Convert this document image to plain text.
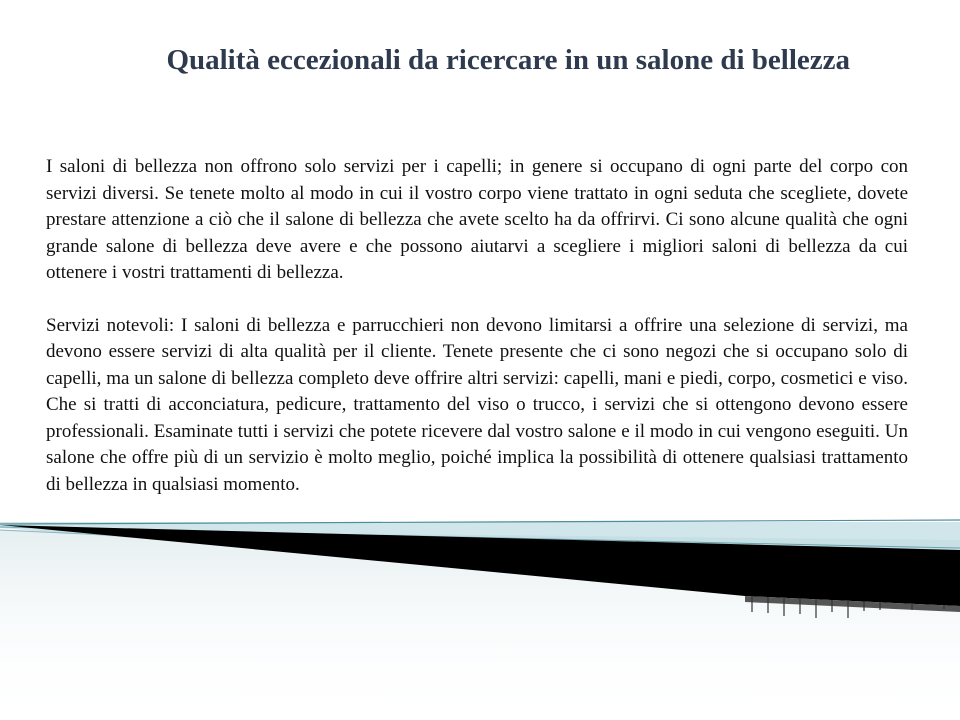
Qualità eccezionali da ricercare in un salone di bellezza

I saloni di bellezza non offrono solo servizi per i capelli; in genere si occupano di ogni parte del corpo con servizi diversi. Se tenete molto al modo in cui il vostro corpo viene trattato in ogni seduta che scegliete, dovete prestare attenzione a ciò che il salone di bellezza che avete scelto ha da offrirvi. Ci sono alcune qualità che ogni grande salone di bellezza deve avere e che possono aiutarvi a scegliere i migliori saloni di bellezza da cui ottenere i vostri trattamenti di bellezza.

Servizi notevoli: I saloni di bellezza e parrucchieri non devono limitarsi a offrire una selezione di servizi, ma devono essere servizi di alta qualità per il cliente. Tenete presente che ci sono negozi che si occupano solo di capelli, ma un salone di bellezza completo deve offrire altri servizi: capelli, mani e piedi, corpo, cosmetici e viso. Che si tratti di acconciatura, pedicure, trattamento del viso o trucco, i servizi che si ottengono devono essere professionali. Esaminate tutti i servizi che potete ricevere dal vostro salone e il modo in cui vengono eseguiti. Un salone che offre più di un servizio è molto meglio, poiché implica la possibilità di ottenere qualsiasi trattamento di bellezza in qualsiasi momento.
